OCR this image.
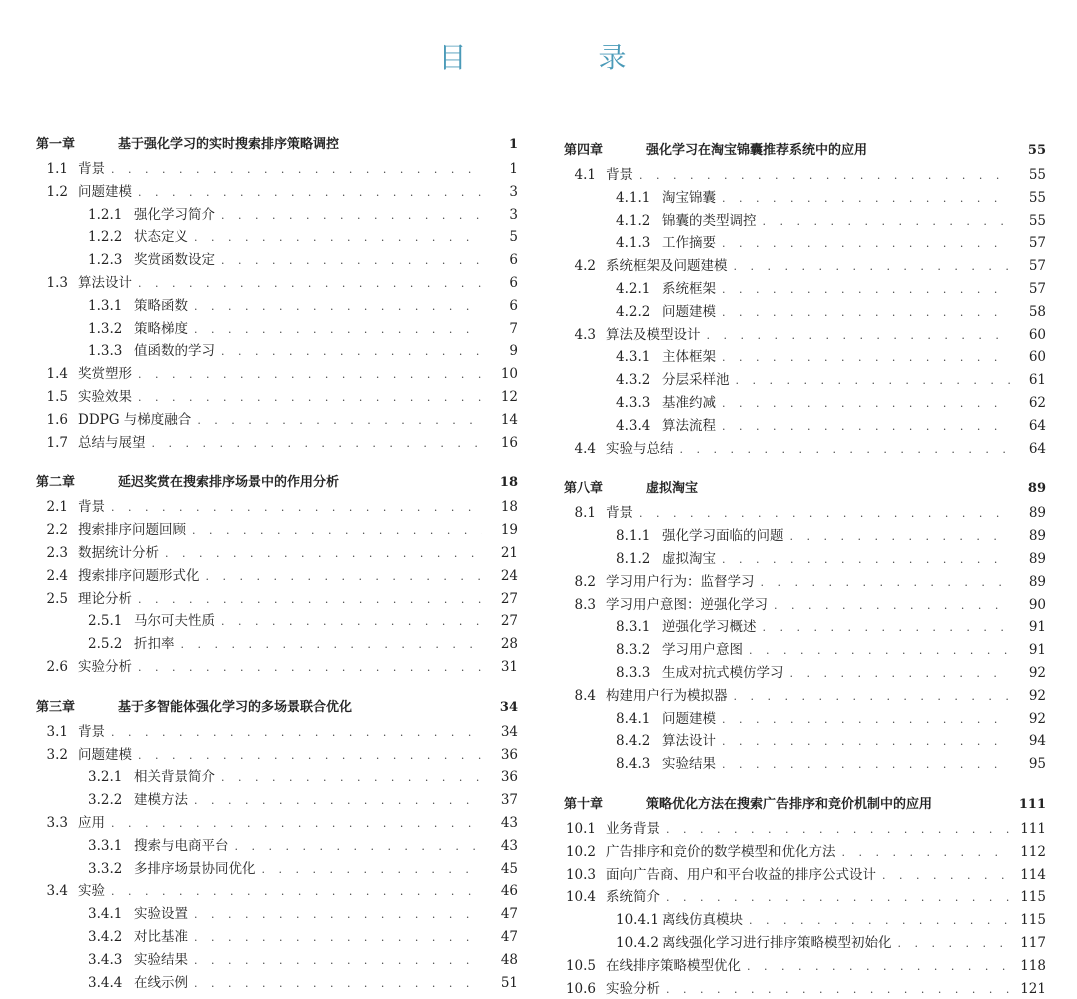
目　录
第一章	基于强化学习的实时搜索排序策略调控	1
1.1 背景 . . .	1
1.2 问题建模 . . .	3
1.2.1 强化学习简介 . . .	3
1.2.2 状态定义 . . .	5
1.2.3 奖赏函数设定 . . .	6
1.3 算法设计 . . .	6
1.3.1 策略函数 . . .	6
1.3.2 策略梯度 . . .	7
1.3.3 值函数的学习 . . .	9
1.4 奖赏塑形 . . .	10
1.5 实验效果 . . .	12
1.6 DDPG 与梯度融合 . . .	14
1.7 总结与展望 . . .	16
第二章	延迟奖赏在搜索排序场景中的作用分析	18
2.1 背景 . . .	18
2.2 搜索排序问题回顾 . . .	19
2.3 数据统计分析 . . .	21
2.4 搜索排序问题形式化 . . .	24
2.5 理论分析 . . .	27
2.5.1 马尔可夫性质 . . .	27
2.5.2 折扣率 . . .	28
2.6 实验分析 . . .	31
第三章	基于多智能体强化学习的多场景联合优化	34
3.1 背景 . . .	34
3.2 问题建模 . . .	36
3.2.1 相关背景简介 . . .	36
3.2.2 建模方法 . . .	37
3.3 应用 . . .	43
3.3.1 搜索与电商平台 . . .	43
3.3.2 多排序场景协同优化 . . .	45
3.4 实验 . . .	46
3.4.1 实验设置 . . .	47
3.4.2 对比基准 . . .	47
3.4.3 实验结果 . . .	48
3.4.4 在线示例 . . .	51
第四章	强化学习在淘宝锦囊推荐系统中的应用	55
4.1 背景 . . .	55
4.1.1 淘宝锦囊 . . .	55
4.1.2 锦囊的类型调控 . . .	55
4.1.3 工作摘要 . . .	57
4.2 系统框架及问题建模 . . .	57
4.2.1 系统框架 . . .	57
4.2.2 问题建模 . . .	58
4.3 算法及模型设计 . . .	60
4.3.1 主体框架 . . .	60
4.3.2 分层采样池 . . .	61
4.3.3 基准约减 . . .	62
4.3.4 算法流程 . . .	64
4.4 实验与总结 . . .	64
第八章	虚拟淘宝	89
8.1 背景 . . .	89
8.1.1 强化学习面临的问题 . . .	89
8.1.2 虚拟淘宝 . . .	89
8.2 学习用户行为：监督学习 . . .	89
8.3 学习用户意图：逆强化学习 . . .	90
8.3.1 逆强化学习概述 . . .	91
8.3.2 学习用户意图 . . .	91
8.3.3 生成对抗式模仿学习 . . .	92
8.4 构建用户行为模拟器 . . .	92
8.4.1 问题建模 . . .	92
8.4.2 算法设计 . . .	94
8.4.3 实验结果 . . .	95
第十章	策略优化方法在搜索广告排序和竞价机制中的应用	111
10.1 业务背景 . . .	111
10.2 广告排序和竞价的数学模型和优化方法 . . .	112
10.3 面向广告商、用户和平台收益的排序公式设计 . . .	114
10.4 系统简介 . . .	115
10.4.1 离线仿真模块 . . .	115
10.4.2 离线强化学习进行排序策略模型初始化 . . .	117
10.5 在线排序策略模型优化 . . .	118
10.6 实验分析 . . .	121
